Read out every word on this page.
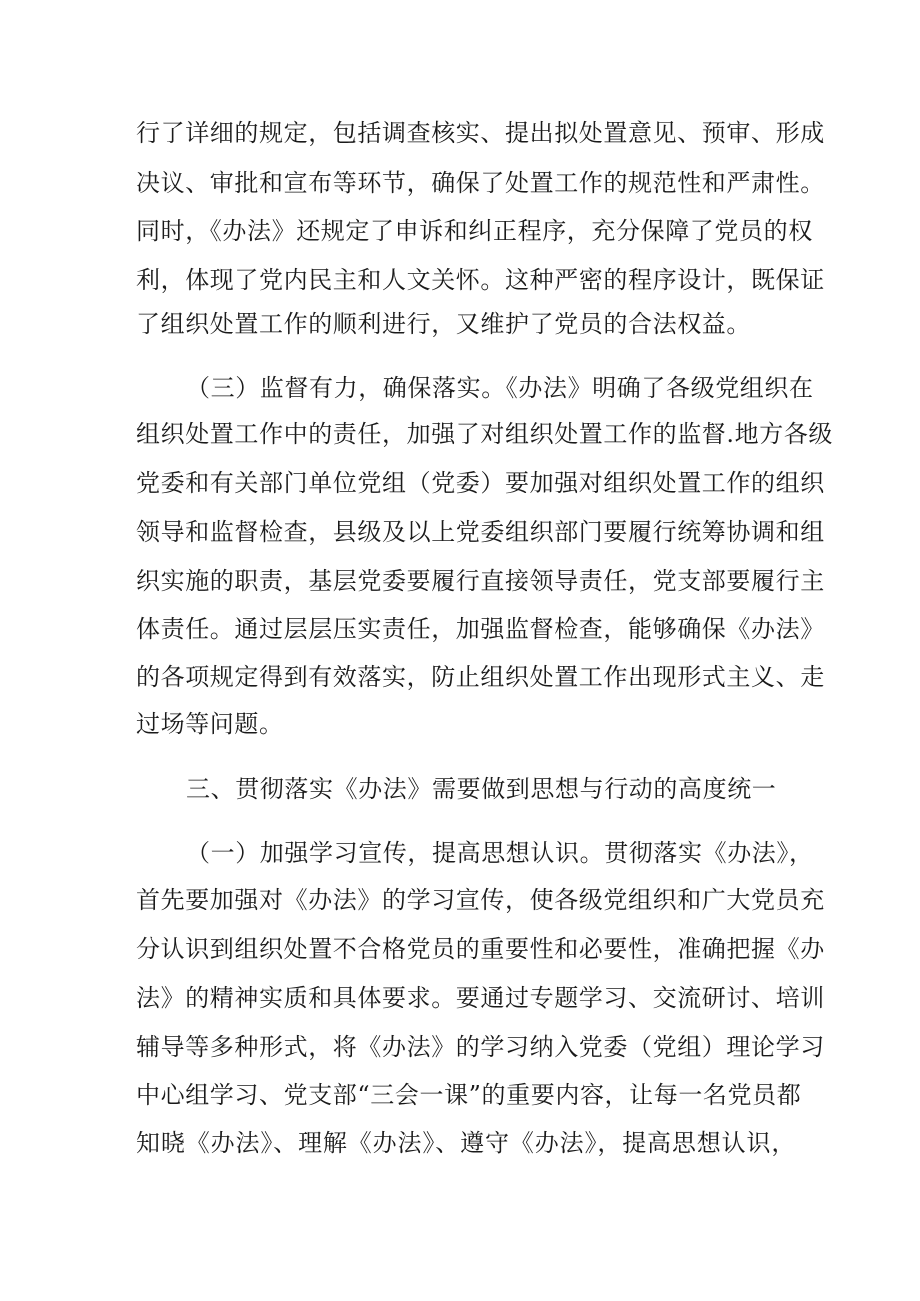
行了详细的规定，包括调查核实、提出拟处置意见、预审、形成
决议、审批和宣布等环节，确保了处置工作的规范性和严肃性。
同时，《办法》还规定了申诉和纠正程序，充分保障了党员的权
利，体现了党内民主和人文关怀。这种严密的程序设计，既保证
了组织处置工作的顺利进行，又维护了党员的合法权益。
（三）监督有力，确保落实。《办法》明确了各级党组织在
组织处置工作中的责任，加强了对组织处置工作的监督.地方各级
党委和有关部门单位党组（党委）要加强对组织处置工作的组织
领导和监督检查，县级及以上党委组织部门要履行统筹协调和组
织实施的职责，基层党委要履行直接领导责任，党支部要履行主
体责任。通过层层压实责任，加强监督检查，能够确保《办法》
的各项规定得到有效落实，防止组织处置工作出现形式主义、走
过场等问题。
三、贯彻落实《办法》需要做到思想与行动的高度统一
（一）加强学习宣传，提高思想认识。贯彻落实《办法》，
首先要加强对《办法》的学习宣传，使各级党组织和广大党员充
分认识到组织处置不合格党员的重要性和必要性，准确把握《办
法》的精神实质和具体要求。要通过专题学习、交流研讨、培训
辅导等多种形式，将《办法》的学习纳入党委（党组）理论学习
中心组学习、党支部“三会一课”的重要内容，让每一名党员都
知晓《办法》、理解《办法》、遵守《办法》，提高思想认识，
